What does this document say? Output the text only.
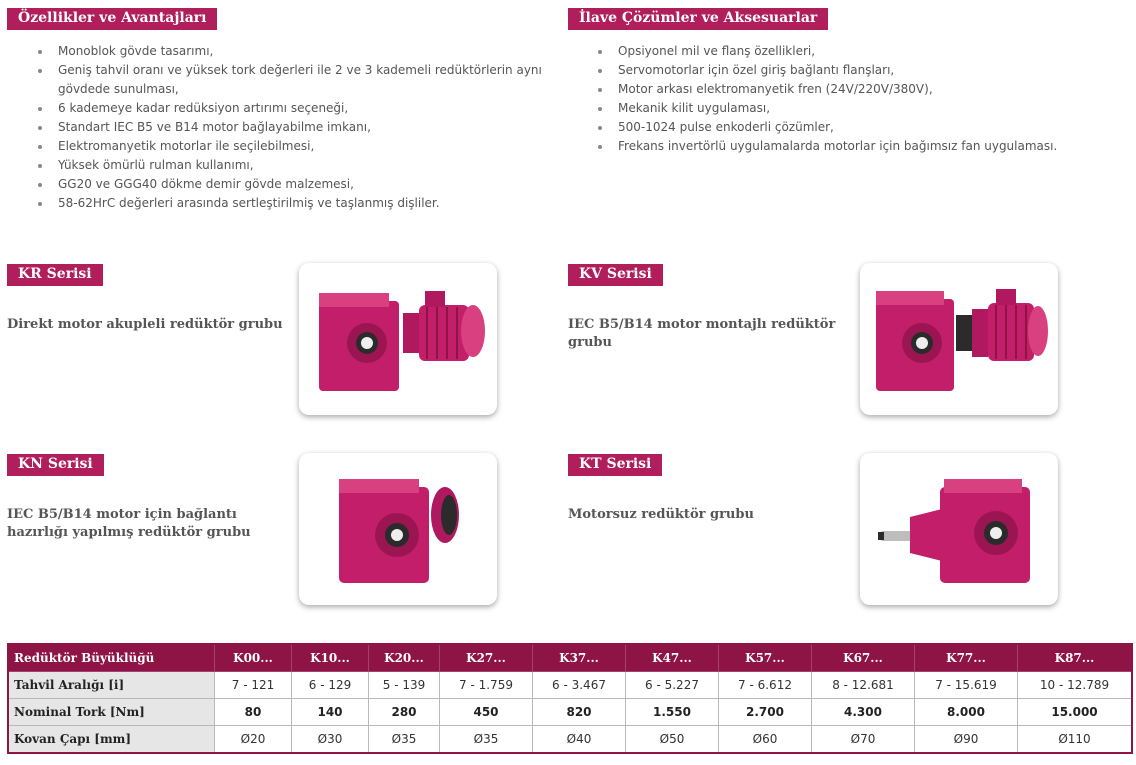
Özellikler ve Avantajları
Monoblok gövde tasarımı,
Geniş tahvil oranı ve yüksek tork değerleri ile 2 ve 3 kademeli redüktörlerin aynı gövdede sunulması,
6 kademeye kadar redüksiyon artırımı seçeneği,
Standart IEC B5 ve B14 motor bağlayabilme imkanı,
Elektromanyetik motorlar ile seçilebilmesi,
Yüksek ömürlü rulman kullanımı,
GG20 ve GGG40 dökme demir gövde malzemesi,
58-62HrC değerleri arasında sertleştirilmiş ve taşlanmış dişliler.
İlave Çözümler ve Aksesuarlar
Opsiyonel mil ve flanş özellikleri,
Servomotorlar için özel giriş bağlantı flanşları,
Motor arkası elektromanyetik fren (24V/220V/380V),
Mekanik kilit uygulaması,
500-1024 pulse enkoderli çözümler,
Frekans invertörlü uygulamalarda motorlar için bağımsız fan uygulaması.
KR Serisi
Direkt motor akupleli redüktör grubu
KV Serisi
IEC B5/B14 motor montajlı redüktör grubu
KN Serisi
IEC B5/B14 motor için bağlantı hazırlığı yapılmış redüktör grubu
KT Serisi
Motorsuz redüktör grubu
Redüktör Büyüklüğü	K00...	K10...	K20...	K27...	K37...	K47...	K57...	K67...	K77...	K87...
Tahvil Aralığı [i]	7 - 121	6 - 129	5 - 139	7 - 1.759	6 - 3.467	6 - 5.227	7 - 6.612	8 - 12.681	7 - 15.619	10 - 12.789
Nominal Tork [Nm]	80	140	280	450	820	1.550	2.700	4.300	8.000	15.000
Kovan Çapı [mm]	Ø20	Ø30	Ø35	Ø35	Ø40	Ø50	Ø60	Ø70	Ø90	Ø110
